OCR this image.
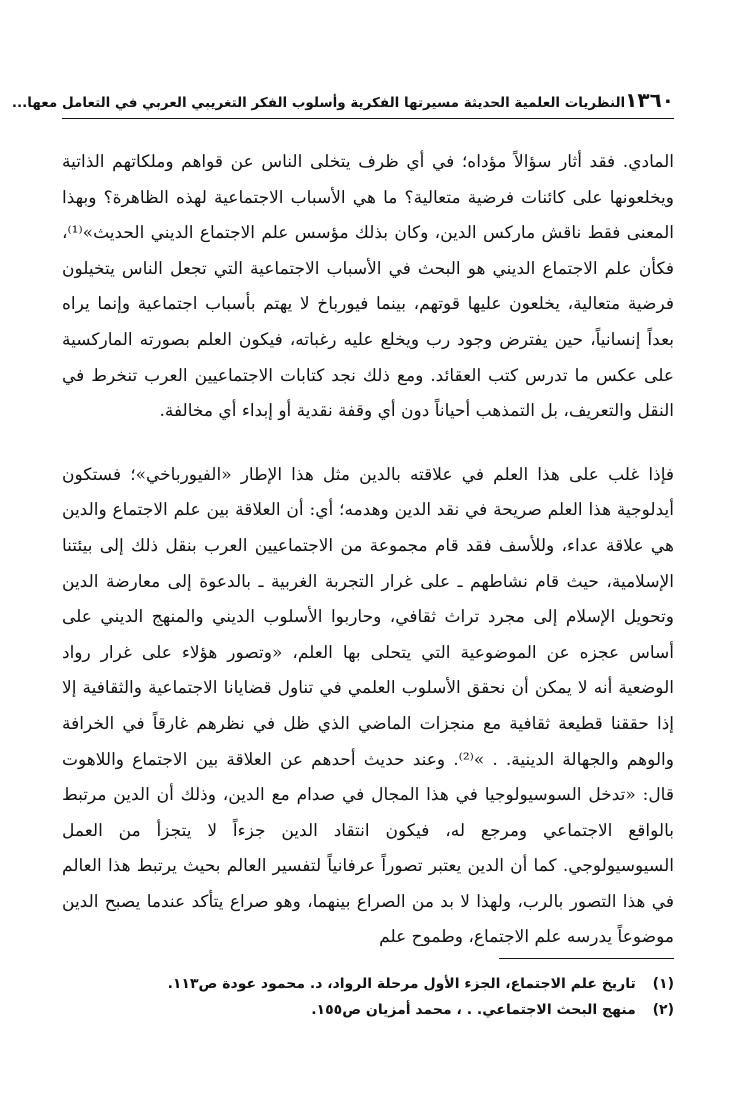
١٣٦٠
النظريات العلمية الحديثة مسيرتها الفكرية وأسلوب الفكر التغريبي العربي في التعامل معها...

المادي. فقد أثار سؤالاً مؤداه؛ في أي ظرف يتخلى الناس عن قواهم وملكاتهم الذاتية ويخلعونها على كائنات فرضية متعالية؟ ما هي الأسباب الاجتماعية لهذه الظاهرة؟ وبهذا المعنى فقط ناقش ماركس الدين، وكان بذلك مؤسس علم الاجتماع الديني الحديث»⁽¹⁾، فكأن علم الاجتماع الديني هو البحث في الأسباب الاجتماعية التي تجعل الناس يتخيلون فرضية متعالية، يخلعون عليها قوتهم، بينما فيورباخ لا يهتم بأسباب اجتماعية وإنما يراه بعداً إنسانياً، حين يفترض وجود رب ويخلع عليه رغباته، فيكون العلم بصورته الماركسية على عكس ما تدرس كتب العقائد. ومع ذلك نجد كتابات الاجتماعيين العرب تنخرط في النقل والتعريف، بل التمذهب أحياناً دون أي وقفة نقدية أو إبداء أي مخالفة.

فإذا غلب على هذا العلم في علاقته بالدين مثل هذا الإطار «الفيورباخي»؛ فستكون أيدلوجية هذا العلم صريحة في نقد الدين وهدمه؛ أي: أن العلاقة بين علم الاجتماع والدين هي علاقة عداء، وللأسف فقد قام مجموعة من الاجتماعيين العرب بنقل ذلك إلى بيئتنا الإسلامية، حيث قام نشاطهم ـ على غرار التجربة الغربية ـ بالدعوة إلى معارضة الدين وتحويل الإسلام إلى مجرد تراث ثقافي، وحاربوا الأسلوب الديني والمنهج الديني على أساس عجزه عن الموضوعية التي يتحلى بها العلم، «وتصور هؤلاء على غرار رواد الوضعية أنه لا يمكن أن نحقق الأسلوب العلمي في تناول قضايانا الاجتماعية والثقافية إلا إذا حققنا قطيعة ثقافية مع منجزات الماضي الذي ظل في نظرهم غارقاً في الخرافة والوهم والجهالة الدينية. . »⁽²⁾. وعند حديث أحدهم عن العلاقة بين الاجتماع واللاهوت قال: «تدخل السوسيولوجيا في هذا المجال في صدام مع الدين، وذلك أن الدين مرتبط بالواقع الاجتماعي ومرجع له، فيكون انتقاد الدين جزءاً لا يتجزأ من العمل السيوسيولوجي. كما أن الدين يعتبر تصوراً عرفانياً لتفسير العالم بحيث يرتبط هذا العالم في هذا التصور بالرب، ولهذا لا بد من الصراع بينهما، وهو صراع يتأكد عندما يصبح الدين موضوعاً يدرسه علم الاجتماع، وطموح علم

(١) تاريخ علم الاجتماع، الجزء الأول مرحلة الرواد، د. محمود عودة ص١١٣.
(٢) منهج البحث الاجتماعي. . ، محمد أمزيان ص١٥٥.
